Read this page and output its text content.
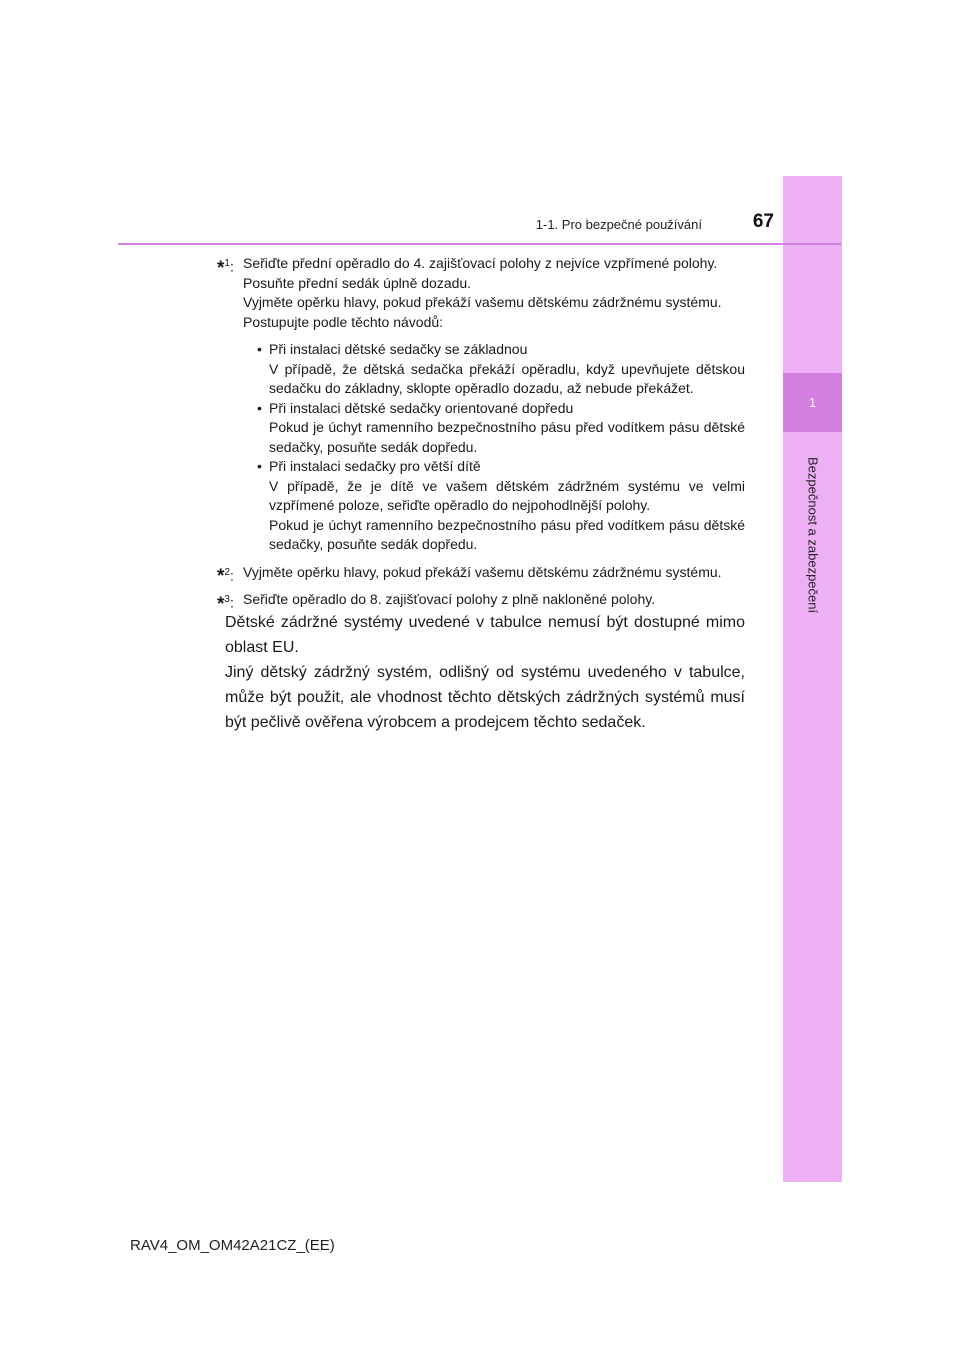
1
Bezpečnost a zabezpečení
1-1. Pro bezpečné používání	67
*$^1$: Seřiďte přední opěradlo do 4. zajišťovací polohy z nejvíce vzpřímené polohy.

Posuňte přední sedák úplně dozadu.

Vyjměte opěrku hlavy, pokud překáží vašemu dětskému zádržnému systému.

Postupujte podle těchto návodů:

• Při instalaci dětské sedačky se základnou

V případě, že dětská sedačka překáží opěradlu, když upevňujete dětskou sedačku do základny, sklopte opěradlo dozadu, až nebude překážet.

• Při instalaci dětské sedačky orientované dopředu

Pokud je úchyt ramenního bezpečnostního pásu před vodítkem pásu dětské sedačky, posuňte sedák dopředu.

• Při instalaci sedačky pro větší dítě

V případě, že je dítě ve vašem dětském zádržném systému ve velmi vzpřímené poloze, seřiďte opěradlo do nejpohodlnější polohy.

Pokud je úchyt ramenního bezpečnostního pásu před vodítkem pásu dětské sedačky, posuňte sedák dopředu.

*$^2$: Vyjměte opěrku hlavy, pokud překáží vašemu dětskému zádržnému systému.

*$^3$: Seřiďte opěradlo do 8. zajišťovací polohy z plně nakloněné polohy.

Dětské zádržné systémy uvedené v tabulce nemusí být dostupné mimo oblast EU.

Jiný dětský zádržný systém, odlišný od systému uvedeného v tabulce, může být použit, ale vhodnost těchto dětských zádržných systémů musí být pečlivě ověřena výrobcem a prodejcem těchto sedaček.

RAV4_OM_OM42A21CZ_(EE)
